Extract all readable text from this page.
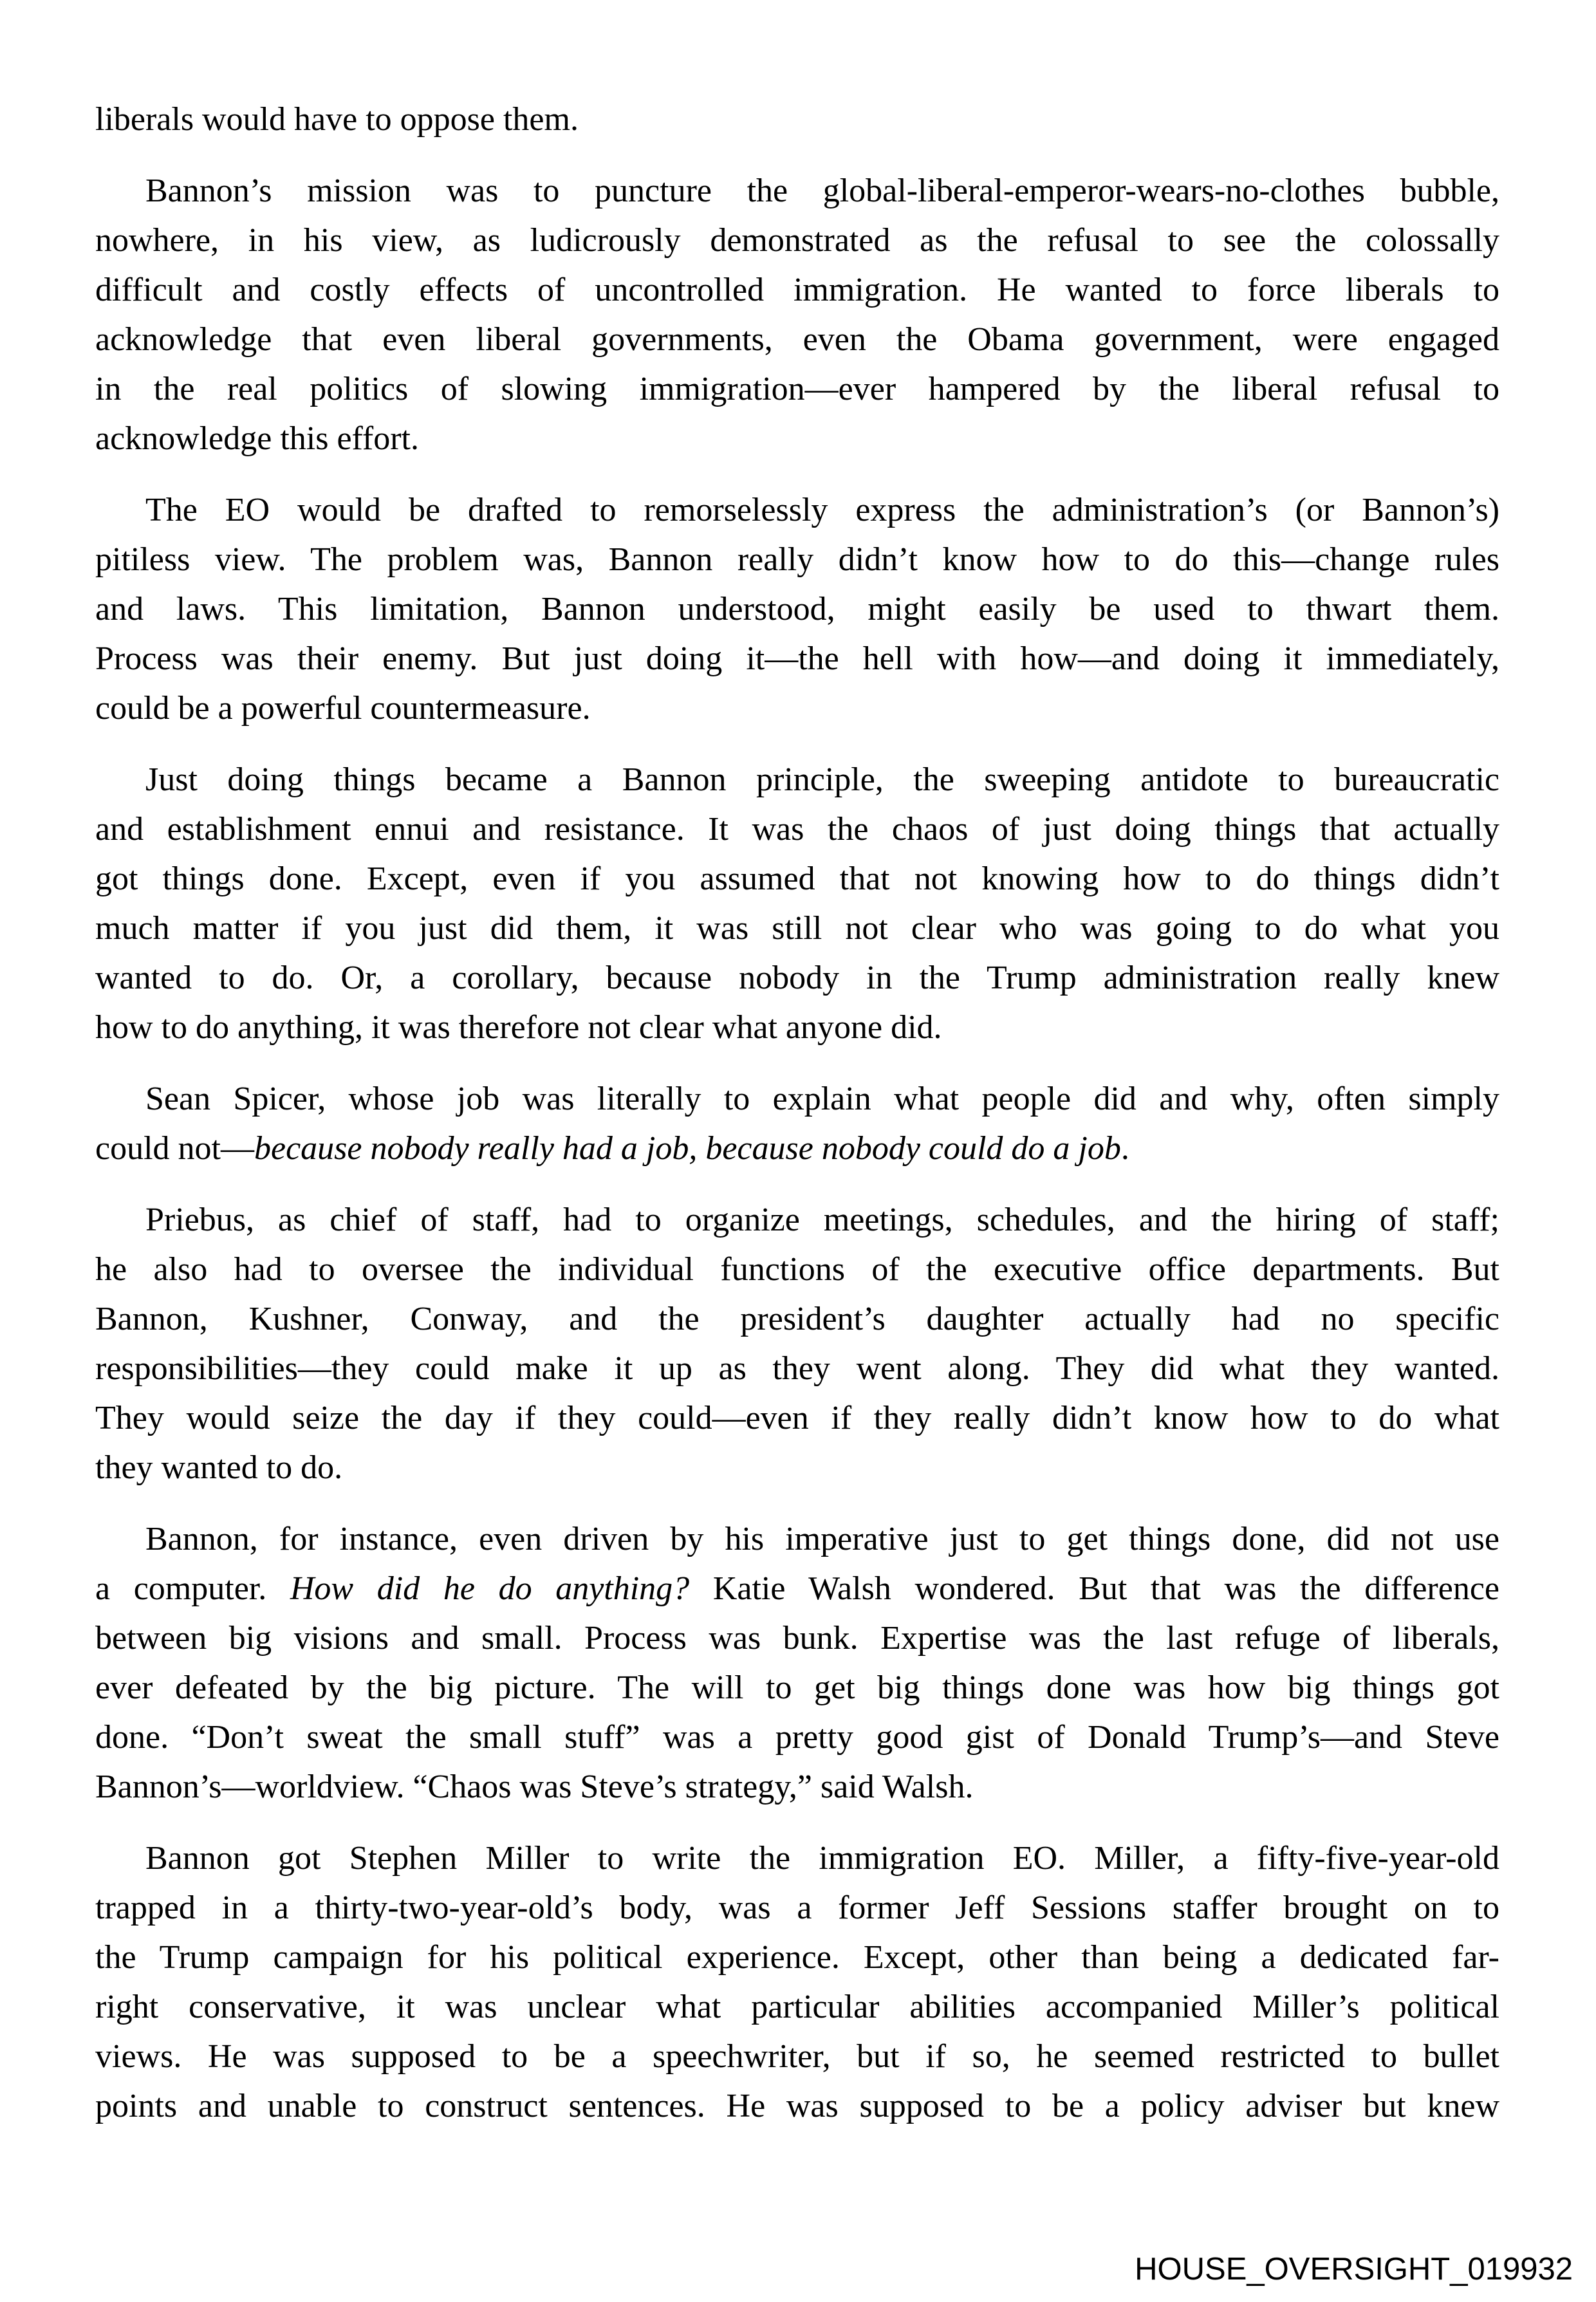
liberals would have to oppose them.

Bannon’s mission was to puncture the global-liberal-emperor-wears-no-clothes bubble,
nowhere, in his view, as ludicrously demonstrated as the refusal to see the colossally
difficult and costly effects of uncontrolled immigration. He wanted to force liberals to
acknowledge that even liberal governments, even the Obama government, were engaged
in the real politics of slowing immigration—ever hampered by the liberal refusal to
acknowledge this effort.

The EO would be drafted to remorselessly express the administration’s (or Bannon’s)
pitiless view. The problem was, Bannon really didn’t know how to do this—change rules
and laws. This limitation, Bannon understood, might easily be used to thwart them.
Process was their enemy. But just doing it—the hell with how—and doing it immediately,
could be a powerful countermeasure.

Just doing things became a Bannon principle, the sweeping antidote to bureaucratic
and establishment ennui and resistance. It was the chaos of just doing things that actually
got things done. Except, even if you assumed that not knowing how to do things didn’t
much matter if you just did them, it was still not clear who was going to do what you
wanted to do. Or, a corollary, because nobody in the Trump administration really knew
how to do anything, it was therefore not clear what anyone did.

Sean Spicer, whose job was literally to explain what people did and why, often simply
could not—because nobody really had a job, because nobody could do a job.

Priebus, as chief of staff, had to organize meetings, schedules, and the hiring of staff;
he also had to oversee the individual functions of the executive office departments. But
Bannon, Kushner, Conway, and the president’s daughter actually had no specific
responsibilities—they could make it up as they went along. They did what they wanted.
They would seize the day if they could—even if they really didn’t know how to do what
they wanted to do.

Bannon, for instance, even driven by his imperative just to get things done, did not use
a computer. How did he do anything? Katie Walsh wondered. But that was the difference
between big visions and small. Process was bunk. Expertise was the last refuge of liberals,
ever defeated by the big picture. The will to get big things done was how big things got
done. “Don’t sweat the small stuff” was a pretty good gist of Donald Trump’s—and Steve
Bannon’s—worldview. “Chaos was Steve’s strategy,” said Walsh.

Bannon got Stephen Miller to write the immigration EO. Miller, a fifty-five-year-old
trapped in a thirty-two-year-old’s body, was a former Jeff Sessions staffer brought on to
the Trump campaign for his political experience. Except, other than being a dedicated far-
right conservative, it was unclear what particular abilities accompanied Miller’s political
views. He was supposed to be a speechwriter, but if so, he seemed restricted to bullet
points and unable to construct sentences. He was supposed to be a policy adviser but knew

HOUSE_OVERSIGHT_019932
